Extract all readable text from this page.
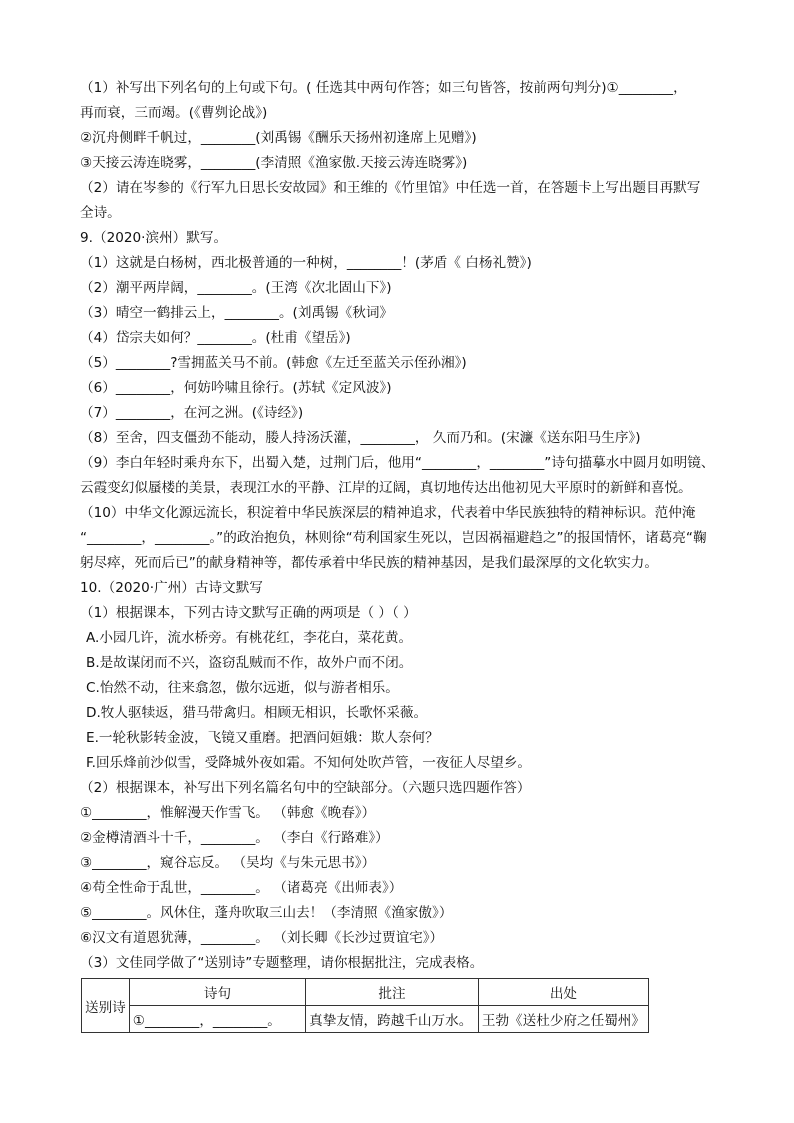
（1）补写出下列名句的上句或下句。( 任选其中两句作答；如三句皆答，按前两句判分)①________，
再而衰，三而竭。(《曹刿论战》)
②沉舟侧畔千帆过，________(刘禹锡《酬乐天扬州初逢席上见赠》)
③天接云涛连晓雾，________(李清照《渔家傲.天接云涛连晓雾》)
（2）请在岑参的《行军九日思长安故园》和王维的《竹里馆》中任选一首，在答题卡上写出题目再默写
全诗。
9.（2020·滨州）默写。
（1）这就是白杨树，西北极普通的一种树，________！(茅盾《 白杨礼赞》)
（2）潮平两岸阔，________。(王湾《次北固山下》)
（3）晴空一鹤排云上，________。(刘禹锡《秋词》
（4）岱宗夫如何？________。(杜甫《望岳》)
（5）________?雪拥蓝关马不前。(韩愈《左迁至蓝关示侄孙湘》)
（6）________，何妨吟啸且徐行。(苏轼《定风波》)
（7）________，在河之洲。(《诗经》)
（8）至舍，四支僵劲不能动，媵人持汤沃灌，________， 久而乃和。(宋濂《送东阳马生序》)
（9）李白年轻时乘舟东下，出蜀入楚，过荆门后，他用“________，________”诗句描摹水中圆月如明镜、
云霞变幻似蜃楼的美景，表现江水的平静、江岸的辽阔，真切地传达出他初见大平原时的新鲜和喜悦。
（10）中华文化源远流长，积淀着中华民族深层的精神追求，代表着中华民族独特的精神标识。范仲淹
“________，________。”的政治抱负，林则徐“苟利国家生死以，岂因祸福避趋之”的报国情怀，诸葛亮“鞠
躬尽瘁，死而后已”的献身精神等，都传承着中华民族的精神基因，是我们最深厚的文化软实力。
10.（2020·广州）古诗文默写
（1）根据课本，下列古诗文默写正确的两项是（ ）（ ）
A.小园几许，流水桥旁。有桃花红，李花白，菜花黄。
B.是故谋闭而不兴，盗窃乱贼而不作，故外户而不闭。
C.怡然不动，往来翕忽，傲尔远逝，似与游者相乐。
D.牧人驱犊返，猎马带禽归。相顾无相识，长歌怀采薇。
E.一轮秋影转金波，飞镜又重磨。把酒问姮娥：欺人奈何？
F.回乐烽前沙似雪，受降城外夜如霜。不知何处吹芦管，一夜征人尽望乡。
（2）根据课本，补写出下列名篇名句中的空缺部分。（六题只选四题作答）
①________，惟解漫天作雪飞。 （韩愈《晚春》）
②金樽清酒斗十千，________。 （李白《行路难》）
③________，窥谷忘反。 （吴均《与朱元思书》）
④苟全性命于乱世，________。 （诸葛亮《出师表》）
⑤________。风休住，蓬舟吹取三山去！（李清照《渔家傲》）
⑥汉文有道恩犹薄，________。 （刘长卿《长沙过贾谊宅》）
（3）文佳同学做了“送别诗”专题整理，请你根据批注，完成表格。
送别诗	诗句	批注	出处
	①________，________。	真挚友情，跨越千山万水。	王勃《送杜少府之任蜀州》
